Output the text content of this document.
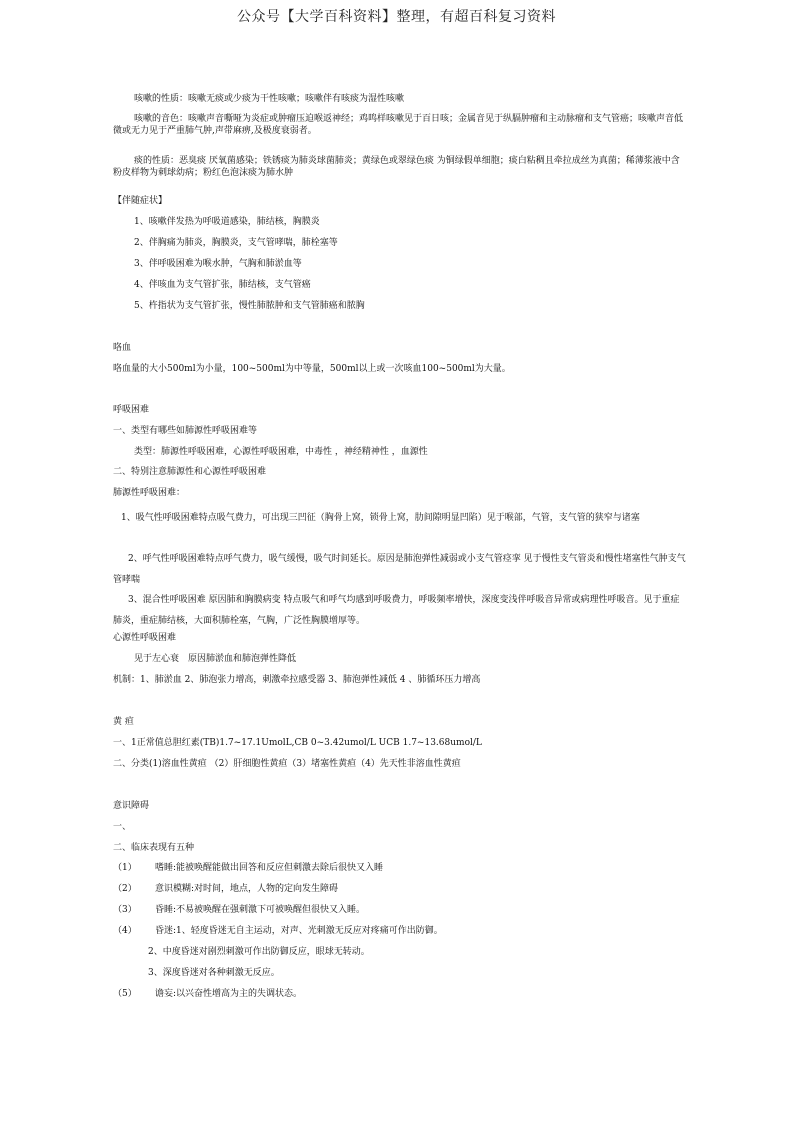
公众号【大学百科资料】整理，有超百科复习资料
咳嗽的性质：咳嗽无痰或少痰为干性咳嗽；咳嗽伴有咳痰为湿性咳嗽
咳嗽的音色：咳嗽声音嘶哑为炎症或肿瘤压迫喉返神经；鸡鸣样咳嗽见于百日咳；金属音见于纵膈肿瘤和主动脉瘤和支气管癌；咳嗽声音低微或无力见于严重肺气肿,声带麻痹,及极度衰弱者。
痰的性质：恶臭痰 厌氧菌感染；铁锈痰为肺炎球菌肺炎；黄绿色或翠绿色痰 为铜绿假单细胞；痰白粘稠且牵拉成丝为真菌；稀薄浆液中含粉皮样物为刺球幼病；粉红色泡沫痰为肺水肿
【伴随症状】
1、咳嗽伴发热为呼吸道感染，肺结核，胸膜炎
2、伴胸痛为肺炎，胸膜炎，支气管哮喘，肺栓塞等
3、伴呼吸困难为喉水肿，气胸和肺淤血等
4、伴咳血为支气管扩张，肺结核，支气管癌
5、杵指状为支气管扩张，慢性肺脓肿和支气管肺癌和脓胸
咯血
咯血量的大小500ml为小量，100~500ml为中等量，500ml以上或一次咳血100~500ml为大量。
呼吸困难
一、类型有哪些如肺源性呼吸困难等
类型：肺源性呼吸困难，心源性呼吸困难，中毒性 ，神经精神性 ，血源性
二、特别注意肺源性和心源性呼吸困难
肺源性呼吸困难：
1、吸气性呼吸困难特点吸气费力，可出现三凹征（胸骨上窝，锁骨上窝，肋间隙明显凹陷）见于喉部，气管，支气管的狭窄与诸塞
2、呼气性呼吸困难特点呼气费力，吸气缓慢，吸气时间延长。原因是肺泡弹性减弱或小支气管痉挛 见于慢性支气管炎和慢性堵塞性气肿支气管哮喘
3、混合性呼吸困难 原因肺和胸膜病变 特点吸气和呼气均感到呼吸费力，呼吸频率增快，深度变浅伴呼吸音异常或病理性呼吸音。见于重症肺炎，重症肺结核，大面积肺栓塞，气胸，广泛性胸膜增厚等。
心源性呼吸困难
见于左心衰　原因肺淤血和肺泡弹性降低
机制：1、肺淤血 2、肺泡张力增高，刺激牵拉感受器 3、肺泡弹性减低 4 、肺循环压力增高
黄 疸
一、1正常值总胆红素(TB)1.7~17.1UmolL,CB 0~3.42umol/L UCB 1.7~13.68umol/L
二、分类(1)溶血性黄疸 （2）肝细胞性黄疸（3）堵塞性黄疸（4）先天性非溶血性黄疸
意识障碍
一、
二、临床表现有五种
（1） 嗜睡:能被唤醒能做出回答和反应但刺激去除后很快又入睡
（2） 意识模糊:对时间，地点，人物的定向发生障碍
（3） 昏睡:不易被唤醒在强刺激下可被唤醒但很快又入睡。
（4） 昏迷:1、轻度昏迷无自主运动，对声、光刺激无反应对疼痛可作出防御。
2、中度昏迷对剧烈刺激可作出防御反应，眼球无转动。
3、深度昏迷对各种刺激无反应。
（5） 谵妄:以兴奋性增高为主的失调状态。
